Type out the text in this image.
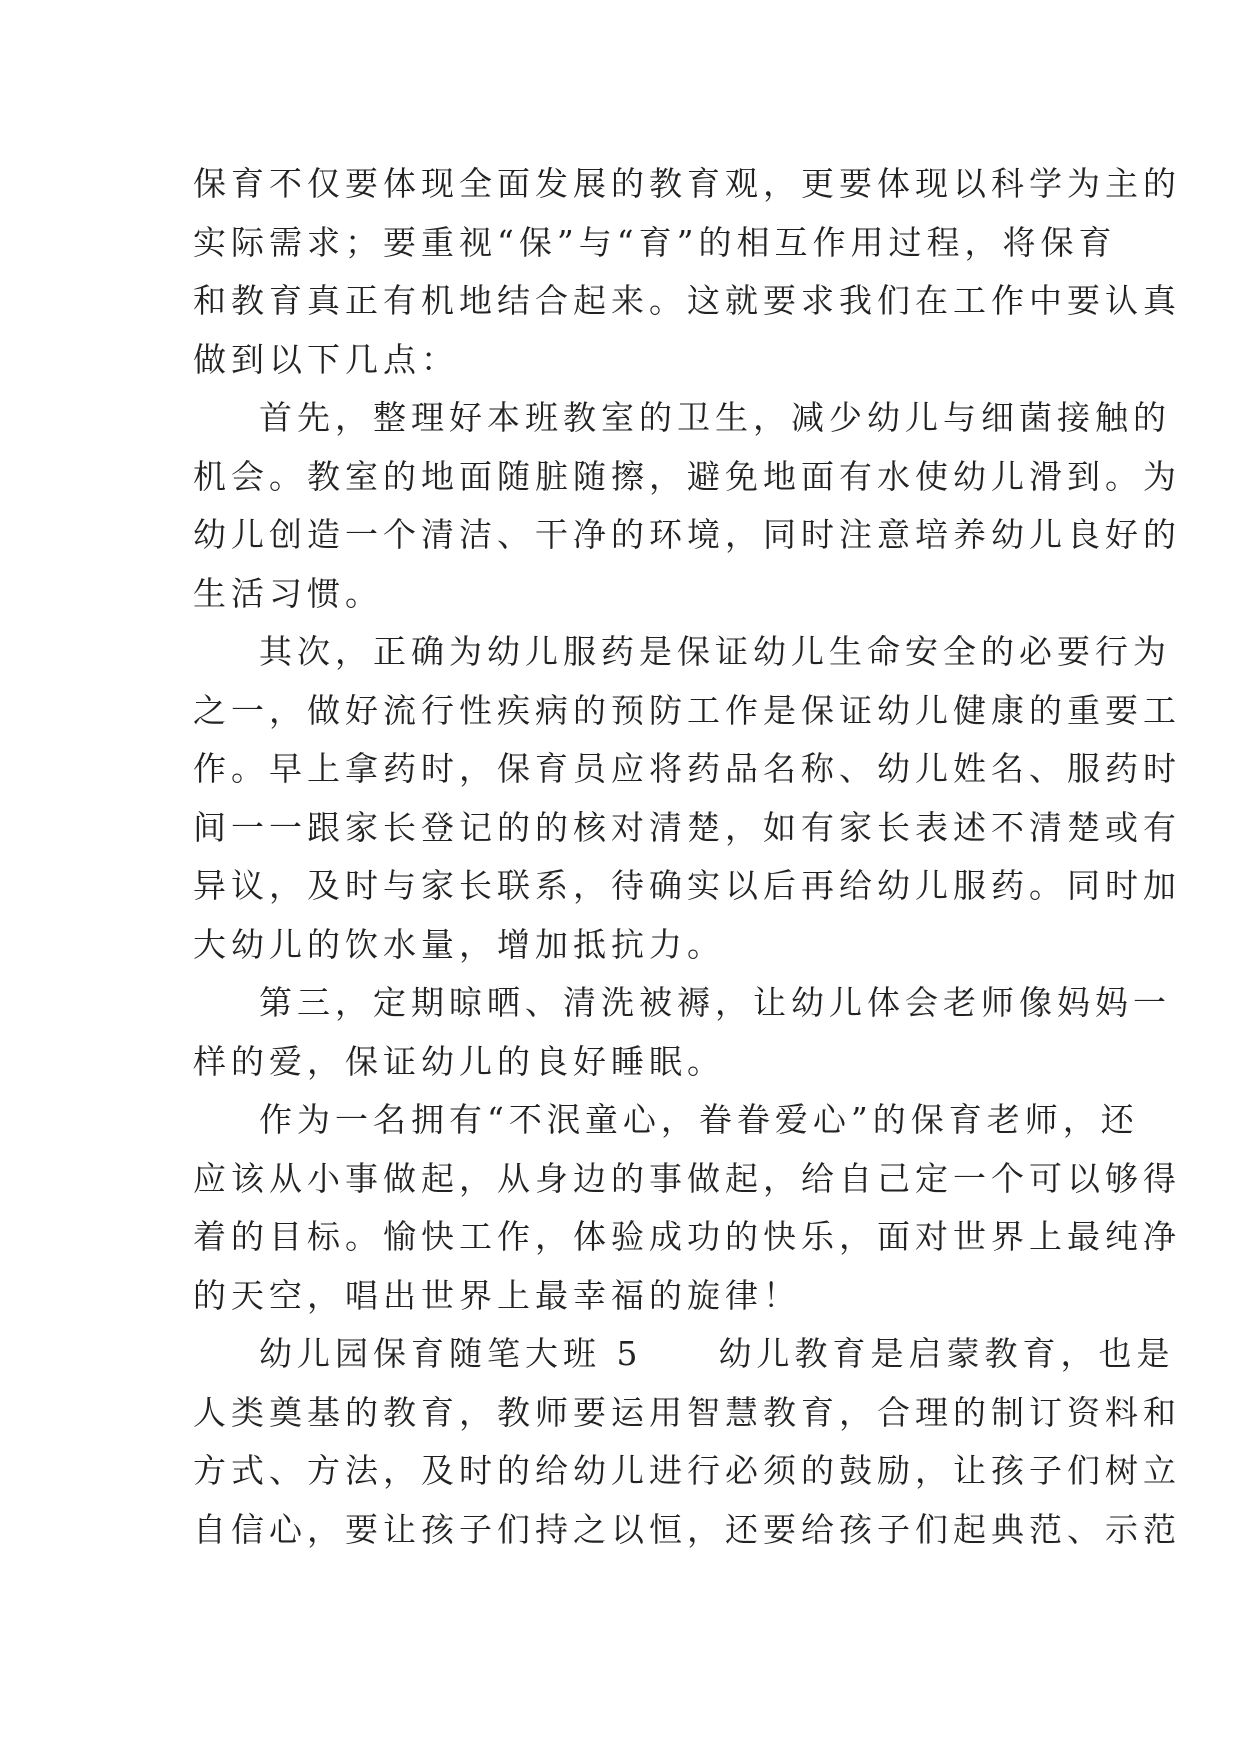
保育不仅要体现全面发展的教育观，更要体现以科学为主的
实际需求；要重视“保”与“育”的相互作用过程，将保育
和教育真正有机地结合起来。这就要求我们在工作中要认真
做到以下几点：
首先，整理好本班教室的卫生，减少幼儿与细菌接触的
机会。教室的地面随脏随擦，避免地面有水使幼儿滑到。为
幼儿创造一个清洁、干净的环境，同时注意培养幼儿良好的
生活习惯。
其次，正确为幼儿服药是保证幼儿生命安全的必要行为
之一，做好流行性疾病的预防工作是保证幼儿健康的重要工
作。早上拿药时，保育员应将药品名称、幼儿姓名、服药时
间一一跟家长登记的的核对清楚，如有家长表述不清楚或有
异议，及时与家长联系，待确实以后再给幼儿服药。同时加
大幼儿的饮水量，增加抵抗力。
第三，定期晾晒、清洗被褥，让幼儿体会老师像妈妈一
样的爱，保证幼儿的良好睡眠。
作为一名拥有“不泯童心，眷眷爱心”的保育老师，还
应该从小事做起，从身边的事做起，给自己定一个可以够得
着的目标。愉快工作，体验成功的快乐，面对世界上最纯净
的天空，唱出世界上最幸福的旋律！
幼儿园保育随笔大班 5　　幼儿教育是启蒙教育，也是
人类奠基的教育，教师要运用智慧教育，合理的制订资料和
方式、方法，及时的给幼儿进行必须的鼓励，让孩子们树立
自信心，要让孩子们持之以恒，还要给孩子们起典范、示范
